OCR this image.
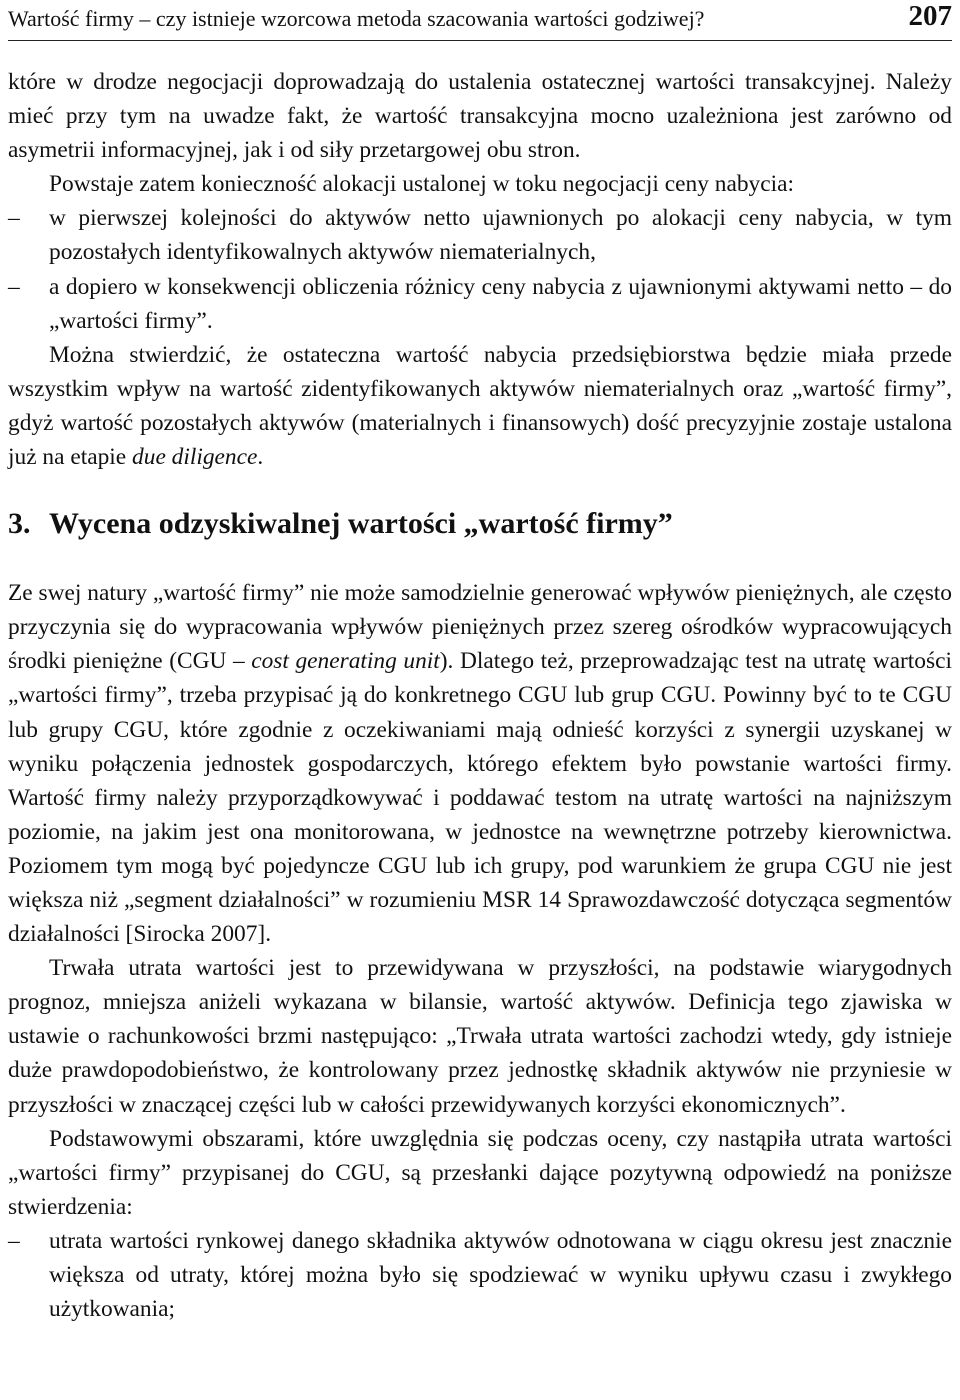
Wartość firmy – czy istnieje wzorcowa metoda szacowania wartości godziwej?	207

które w drodze negocjacji doprowadzają do ustalenia ostatecznej wartości transakcyjnej. Należy mieć przy tym na uwadze fakt, że wartość transakcyjna mocno uzależniona jest zarówno od asymetrii informacyjnej, jak i od siły przetargowej obu stron.

Powstaje zatem konieczność alokacji ustalonej w toku negocjacji ceny nabycia:

– w pierwszej kolejności do aktywów netto ujawnionych po alokacji ceny nabycia, w tym pozostałych identyfikowalnych aktywów niematerialnych,
– a dopiero w konsekwencji obliczenia różnicy ceny nabycia z ujawnionymi aktywami netto – do „wartości firmy”.

Można stwierdzić, że ostateczna wartość nabycia przedsiębiorstwa będzie miała przede wszystkim wpływ na wartość zidentyfikowanych aktywów niematerialnych oraz „wartość firmy”, gdyż wartość pozostałych aktywów (materialnych i finansowych) dość precyzyjnie zostaje ustalona już na etapie due diligence.

3. Wycena odzyskiwalnej wartości „wartość firmy”

Ze swej natury „wartość firmy” nie może samodzielnie generować wpływów pieniężnych, ale często przyczynia się do wypracowania wpływów pieniężnych przez szereg ośrodków wypracowujących środki pieniężne (CGU – cost generating unit). Dlatego też, przeprowadzając test na utratę wartości „wartości firmy”, trzeba przypisać ją do konkretnego CGU lub grup CGU. Powinny być to te CGU lub grupy CGU, które zgodnie z oczekiwaniami mają odnieść korzyści z synergii uzyskanej w wyniku połączenia jednostek gospodarczych, którego efektem było powstanie wartości firmy. Wartość firmy należy przyporządkowywać i poddawać testom na utratę wartości na najniższym poziomie, na jakim jest ona monitorowana, w jednostce na wewnętrzne potrzeby kierownictwa. Poziomem tym mogą być pojedyncze CGU lub ich grupy, pod warunkiem że grupa CGU nie jest większa niż „segment działalności” w rozumieniu MSR 14 Sprawozdawczość dotycząca segmentów działalności [Sirocka 2007].

Trwała utrata wartości jest to przewidywana w przyszłości, na podstawie wiarygodnych prognoz, mniejsza aniżeli wykazana w bilansie, wartość aktywów. Definicja tego zjawiska w ustawie o rachunkowości brzmi następująco: „Trwała utrata wartości zachodzi wtedy, gdy istnieje duże prawdopodobieństwo, że kontrolowany przez jednostkę składnik aktywów nie przyniesie w przyszłości w znaczącej części lub w całości przewidywanych korzyści ekonomicznych”.

Podstawowymi obszarami, które uwzględnia się podczas oceny, czy nastąpiła utrata wartości „wartości firmy” przypisanej do CGU, są przesłanki dające pozytywną odpowiedź na poniższe stwierdzenia:

– utrata wartości rynkowej danego składnika aktywów odnotowana w ciągu okresu jest znacznie większa od utraty, której można było się spodziewać w wyniku upływu czasu i zwykłego użytkowania;
